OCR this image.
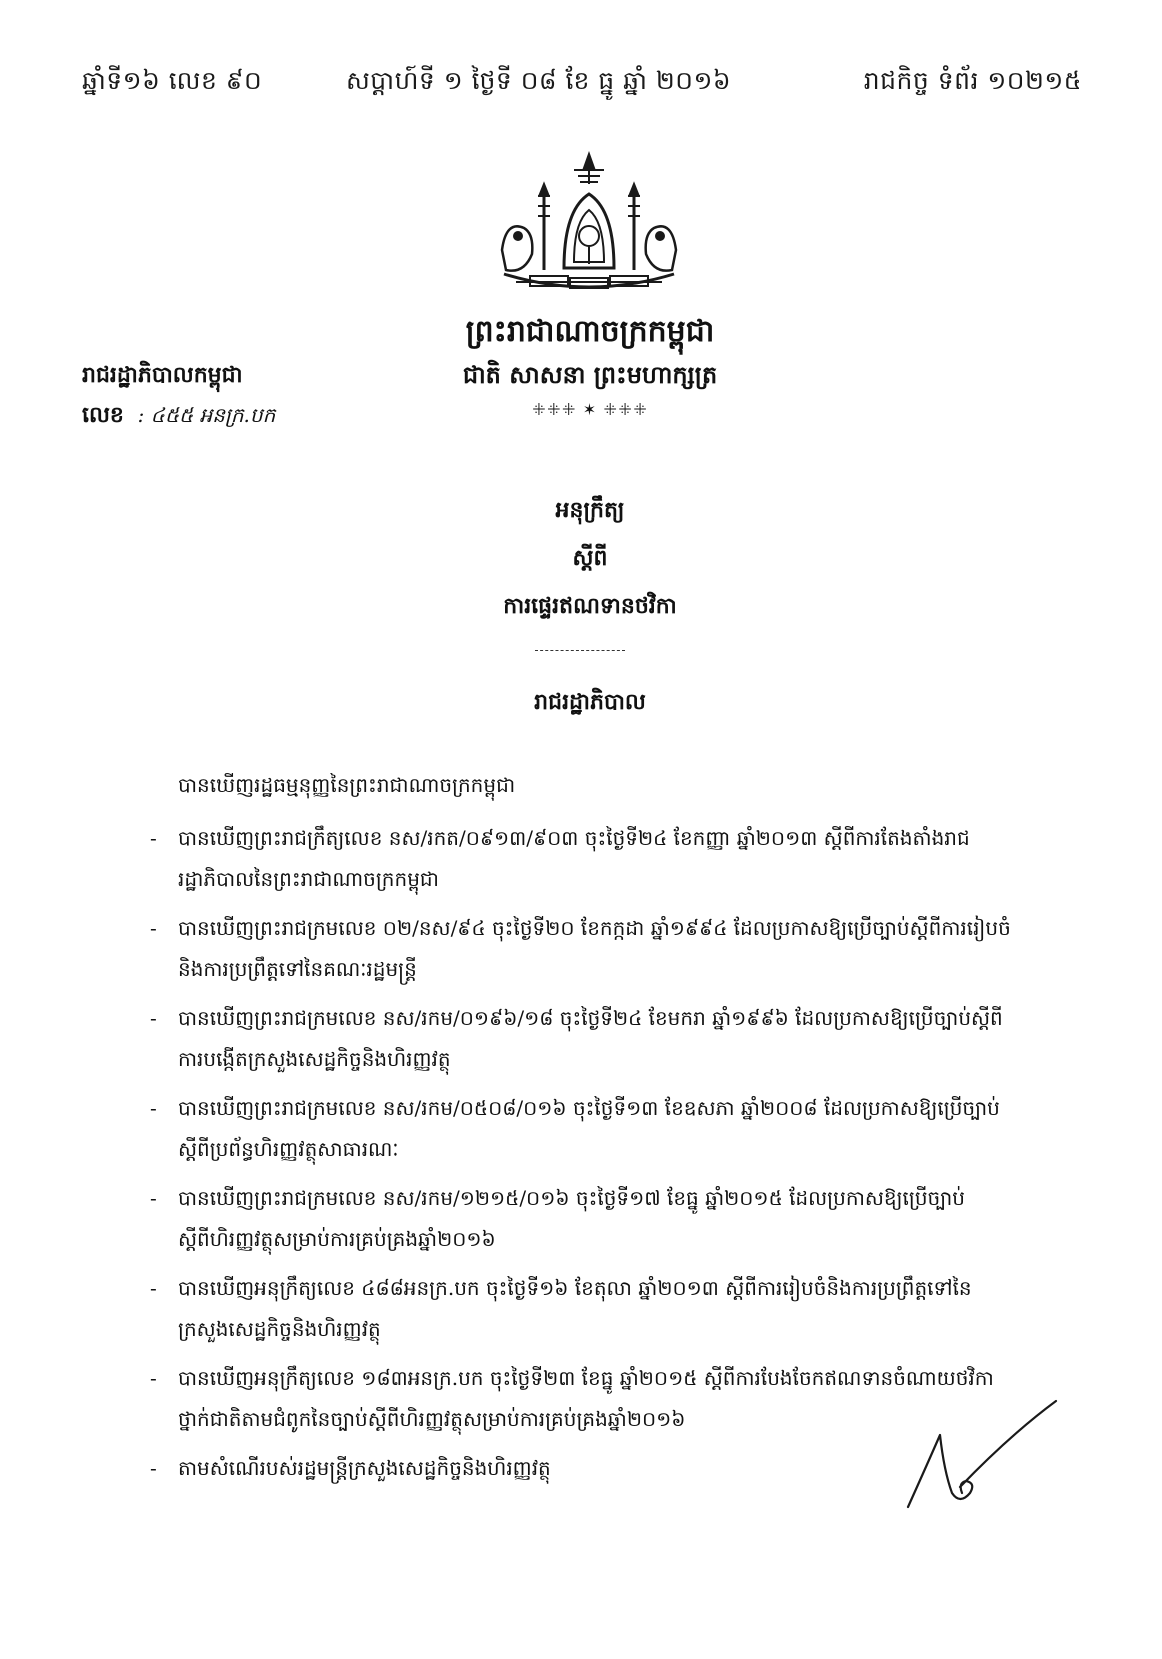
ឆ្នាំទី១៦ លេខ ៩០	សប្តាហ៍ទី ១ ថ្ងៃទី ០៨ ខែ ធ្នូ ឆ្នាំ ២០១៦	រាជកិច្ច ទំព័រ ១០២១៥
ព្រះរាជាណាចក្រកម្ពុជា
ជាតិ សាសនា ព្រះមហាក្សត្រ
ꔰꔰꔰ ✶ ꔰꔰꔰ
រាជរដ្ឋាភិបាលកម្ពុជា
លេខ : ៤៥៥ អនក្រ.បក
អនុក្រឹត្យ
ស្តីពី
ការផ្ទេរឥណទានថវិកា
រាជរដ្ឋាភិបាល
បានឃើញរដ្ឋធម្មនុញ្ញនៃព្រះរាជាណាចក្រកម្ពុជា
- បានឃើញព្រះរាជក្រឹត្យលេខ នស/រកត/០៩១៣/៩០៣ ចុះថ្ងៃទី២៤ ខែកញ្ញា ឆ្នាំ២០១៣ ស្តីពីការតែងតាំងរាជរដ្ឋាភិបាលនៃព្រះរាជាណាចក្រកម្ពុជា
- បានឃើញព្រះរាជក្រមលេខ ០២/នស/៩៤ ចុះថ្ងៃទី២០ ខែកក្កដា ឆ្នាំ១៩៩៤ ដែលប្រកាសឱ្យប្រើច្បាប់ស្តីពីការរៀបចំនិងការប្រព្រឹត្តទៅនៃគណៈរដ្ឋមន្ត្រី
- បានឃើញព្រះរាជក្រមលេខ នស/រកម/០១៩៦/១៨ ចុះថ្ងៃទី២៤ ខែមករា ឆ្នាំ១៩៩៦ ដែលប្រកាសឱ្យប្រើច្បាប់ស្តីពីការបង្កើតក្រសួងសេដ្ឋកិច្ចនិងហិរញ្ញវត្ថុ
- បានឃើញព្រះរាជក្រមលេខ នស/រកម/០៥០៨/០១៦ ចុះថ្ងៃទី១៣ ខែឧសភា ឆ្នាំ២០០៨ ដែលប្រកាសឱ្យប្រើច្បាប់ស្តីពីប្រព័ន្ធហិរញ្ញវត្ថុសាធារណៈ
- បានឃើញព្រះរាជក្រមលេខ នស/រកម/១២១៥/០១៦ ចុះថ្ងៃទី១៧ ខែធ្នូ ឆ្នាំ២០១៥ ដែលប្រកាសឱ្យប្រើច្បាប់ស្តីពីហិរញ្ញវត្ថុសម្រាប់ការគ្រប់គ្រងឆ្នាំ២០១៦
- បានឃើញអនុក្រឹត្យលេខ ៤៨៨អនក្រ.បក ចុះថ្ងៃទី១៦ ខែតុលា ឆ្នាំ២០១៣ ស្តីពីការរៀបចំនិងការប្រព្រឹត្តទៅនៃក្រសួងសេដ្ឋកិច្ចនិងហិរញ្ញវត្ថុ
- បានឃើញអនុក្រឹត្យលេខ ១៨៣អនក្រ.បក ចុះថ្ងៃទី២៣ ខែធ្នូ ឆ្នាំ២០១៥ ស្តីពីការបែងចែកឥណទានចំណាយថវិកាថ្នាក់ជាតិតាមជំពូកនៃច្បាប់ស្តីពីហិរញ្ញវត្ថុសម្រាប់ការគ្រប់គ្រងឆ្នាំ២០១៦
- តាមសំណើរបស់រដ្ឋមន្ត្រីក្រសួងសេដ្ឋកិច្ចនិងហិរញ្ញវត្ថុ
